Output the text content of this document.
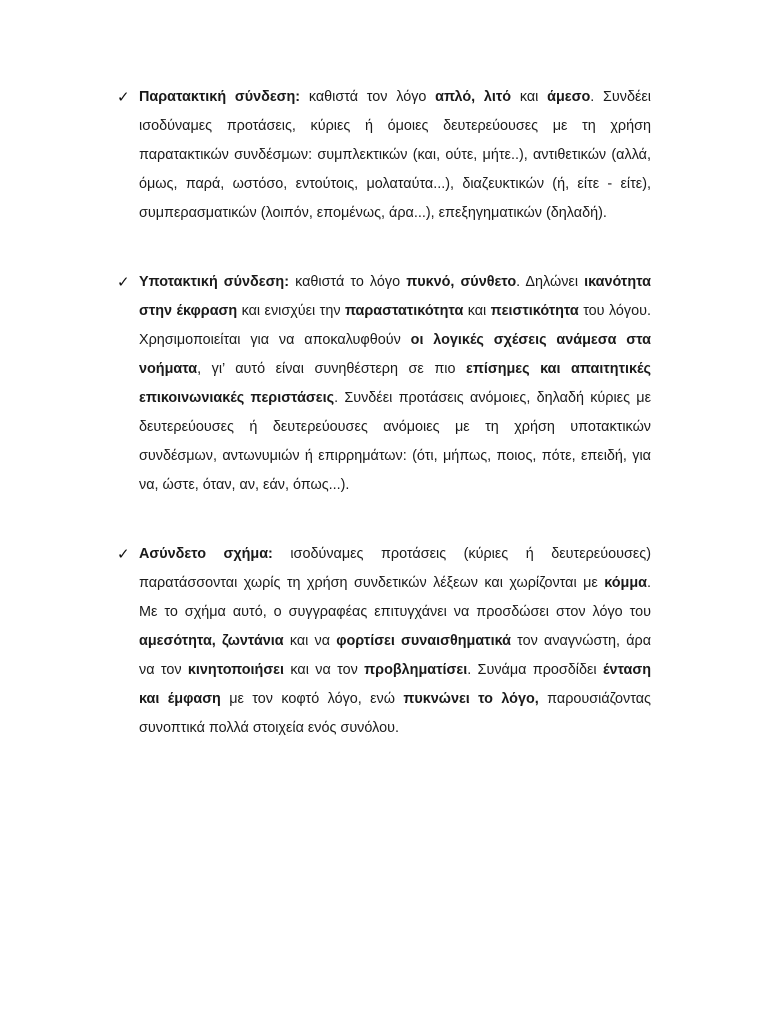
✓ Παρατακτική σύνδεση: καθιστά τον λόγο απλό, λιτό και άμεσο. Συνδέει ισοδύναμες προτάσεις, κύριες ή όμοιες δευτερεύουσες με τη χρήση παρατακτικών συνδέσμων: συμπλεκτικών (και, ούτε, μήτε..), αντιθετικών (αλλά, όμως, παρά, ωστόσο, εντούτοις, μολαταύτα...), διαζευκτικών (ή, είτε - είτε), συμπερασματικών (λοιπόν, επομένως, άρα...), επεξηγηματικών (δηλαδή).
✓ Υποτακτική σύνδεση: καθιστά το λόγο πυκνό, σύνθετο. Δηλώνει ικανότητα στην έκφραση και ενισχύει την παραστατικότητα και πειστικότητα του λόγου. Χρησιμοποιείται για να αποκαλυφθούν οι λογικές σχέσεις ανάμεσα στα νοήματα, γι’ αυτό είναι συνηθέστερη σε πιο επίσημες και απαιτητικές επικοινωνιακές περιστάσεις. Συνδέει προτάσεις ανόμοιες, δηλαδή κύριες με δευτερεύουσες ή δευτερεύουσες ανόμοιες με τη χρήση υποτακτικών συνδέσμων, αντωνυμιών ή επιρρημάτων: (ότι, μήπως, ποιος, πότε, επειδή, για να, ώστε, όταν, αν, εάν, όπως...).
✓ Ασύνδετο σχήμα: ισοδύναμες προτάσεις (κύριες ή δευτερεύουσες) παρατάσσονται χωρίς τη χρήση συνδετικών λέξεων και χωρίζονται με κόμμα. Με το σχήμα αυτό, ο συγγραφέας επιτυγχάνει να προσδώσει στον λόγο του αμεσότητα, ζωντάνια και να φορτίσει συναισθηματικά τον αναγνώστη, άρα να τον κινητοποιήσει και να τον προβληματίσει. Συνάμα προσδίδει ένταση και έμφαση με τον κοφτό λόγο, ενώ πυκνώνει το λόγο, παρουσιάζοντας συνοπτικά πολλά στοιχεία ενός συνόλου.
